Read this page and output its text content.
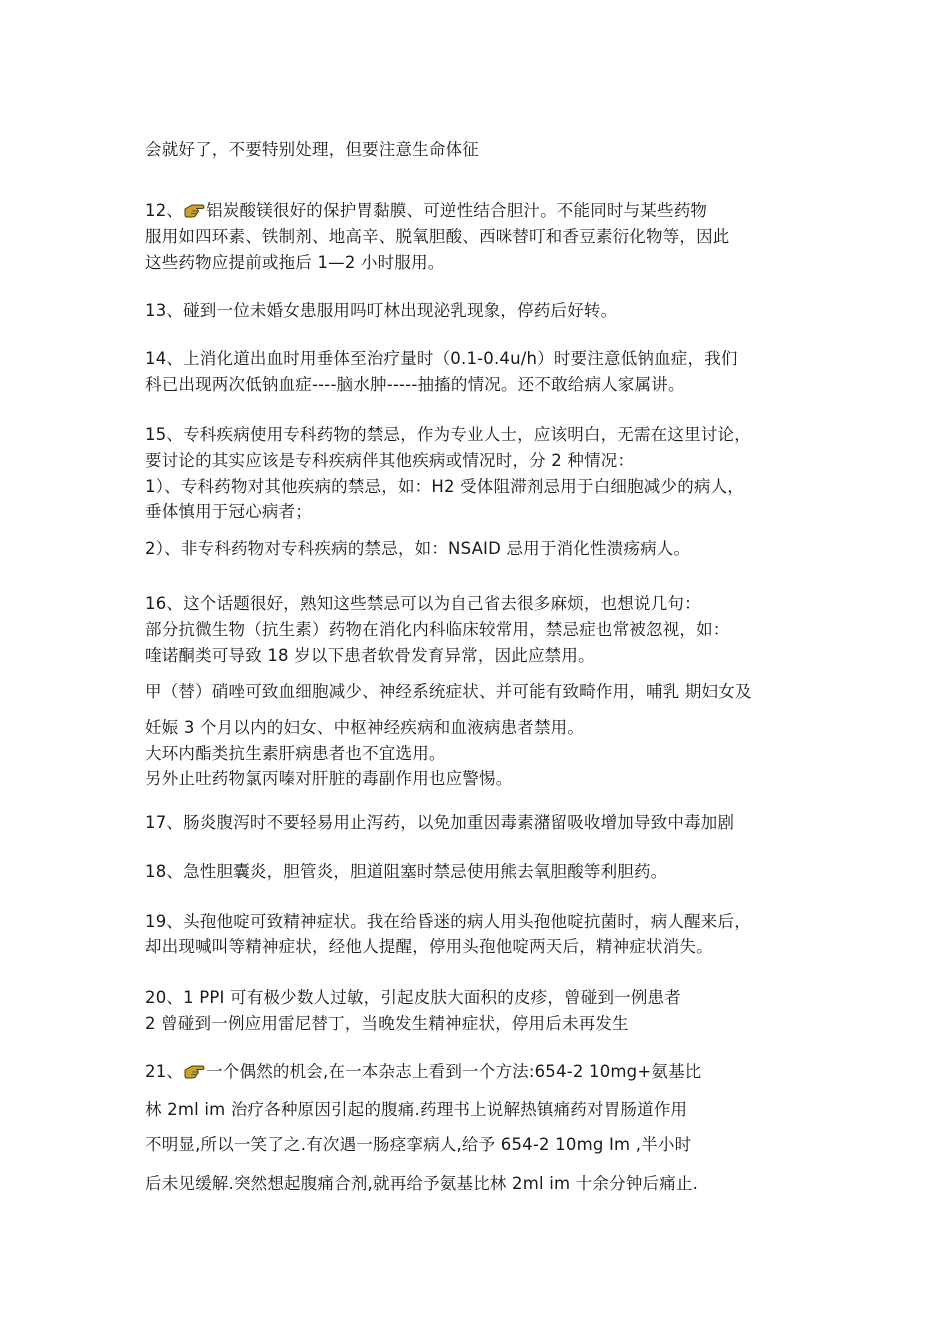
会就好了，不要特别处理，但要注意生命体征
12、 铝炭酸镁很好的保护胃黏膜、可逆性结合胆汁。不能同时与某些药物
服用如四环素、铁制剂、地高辛、脱氧胆酸、西咪替叮和香豆素衍化物等，因此
这些药物应提前或拖后 1—2 小时服用。
13、碰到一位未婚女患服用吗叮林出现泌乳现象，停药后好转。
14、上消化道出血时用垂体至治疗量时（0.1-0.4u/h）时要注意低钠血症，我们
科已出现两次低钠血症----脑水肿-----抽搐的情况。还不敢给病人家属讲。
15、专科疾病使用专科药物的禁忌，作为专业人士，应该明白，无需在这里讨论，
要讨论的其实应该是专科疾病伴其他疾病或情况时，分 2 种情况：
1）、专科药物对其他疾病的禁忌，如：H2 受体阻滞剂忌用于白细胞减少的病人，
垂体慎用于冠心病者；
2）、非专科药物对专科疾病的禁忌，如：NSAID 忌用于消化性溃疡病人。
16、这个话题很好，熟知这些禁忌可以为自己省去很多麻烦，也想说几句：
部分抗微生物（抗生素）药物在消化内科临床较常用，禁忌症也常被忽视，如：
喹诺酮类可导致 18 岁以下患者软骨发育异常，因此应禁用。
甲（替）硝唑可致血细胞减少、神经系统症状、并可能有致畸作用，哺乳 期妇女及
妊娠 3 个月以内的妇女、中枢神经疾病和血液病患者禁用。
大环内酯类抗生素肝病患者也不宜选用。
另外止吐药物氯丙嗪对肝脏的毒副作用也应警惕。
17、肠炎腹泻时不要轻易用止泻药，以免加重因毒素潴留吸收增加导致中毒加剧
18、急性胆囊炎，胆管炎，胆道阻塞时禁忌使用熊去氧胆酸等利胆药。
19、头孢他啶可致精神症状。我在给昏迷的病人用头孢他啶抗菌时，病人醒来后，
却出现喊叫等精神症状，经他人提醒，停用头孢他啶两天后，精神症状消失。
20、1 PPI 可有极少数人过敏，引起皮肤大面积的皮疹，曾碰到一例患者
2 曾碰到一例应用雷尼替丁，当晚发生精神症状，停用后未再发生
21、 一个偶然的机会,在一本杂志上看到一个方法:654-2 10mg+氨基比
林 2ml im 治疗各种原因引起的腹痛.药理书上说解热镇痛药对胃肠道作用
不明显,所以一笑了之.有次遇一肠痉挛病人,给予 654-2 10mg Im ,半小时
后未见缓解.突然想起腹痛合剂,就再给予氨基比林 2ml im 十余分钟后痛止.
